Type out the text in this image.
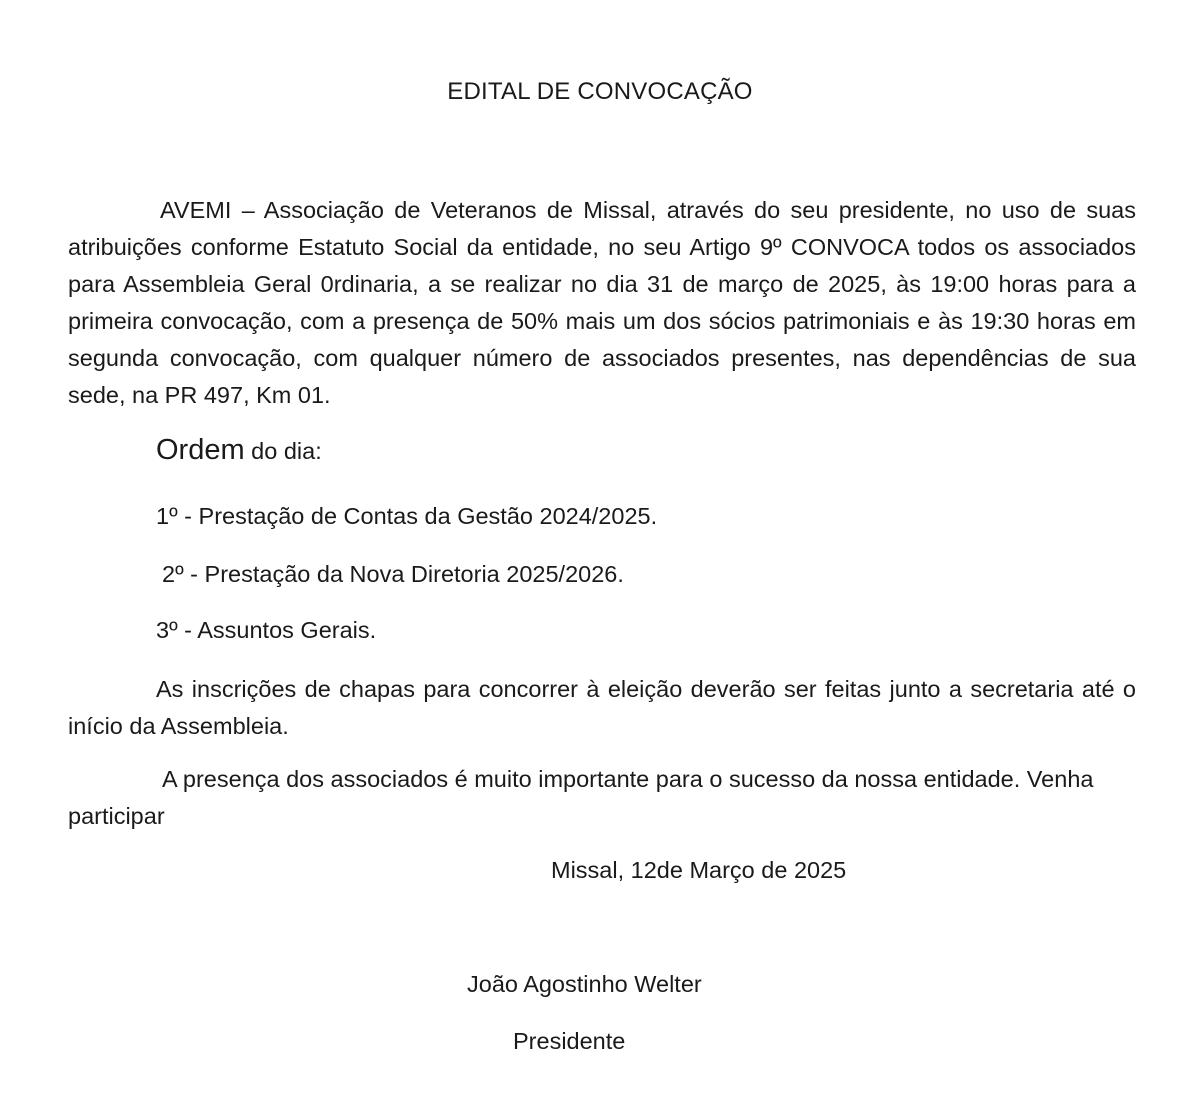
EDITAL DE CONVOCAÇÃO
AVEMI – Associação de Veteranos de Missal, através do seu presidente, no uso de suas atribuições conforme Estatuto Social da entidade, no seu Artigo 9º CONVOCA todos os associados para Assembleia Geral 0rdinaria, a se realizar no dia 31 de março de 2025, às 19:00 horas para a primeira convocação, com a presença de 50% mais um dos sócios patrimoniais e às 19:30 horas em segunda convocação, com qualquer número de associados presentes, nas dependências de sua sede, na PR 497, Km 01.
Ordem do dia:
1º - Prestação de Contas da Gestão 2024/2025.
2º - Prestação da Nova Diretoria 2025/2026.
3º - Assuntos Gerais.
As inscrições de chapas para concorrer à eleição deverão ser feitas junto a secretaria até o início da Assembleia.
A presença dos associados é muito importante para o sucesso da nossa entidade. Venha participar
Missal, 12de Março de 2025
João Agostinho Welter
Presidente
